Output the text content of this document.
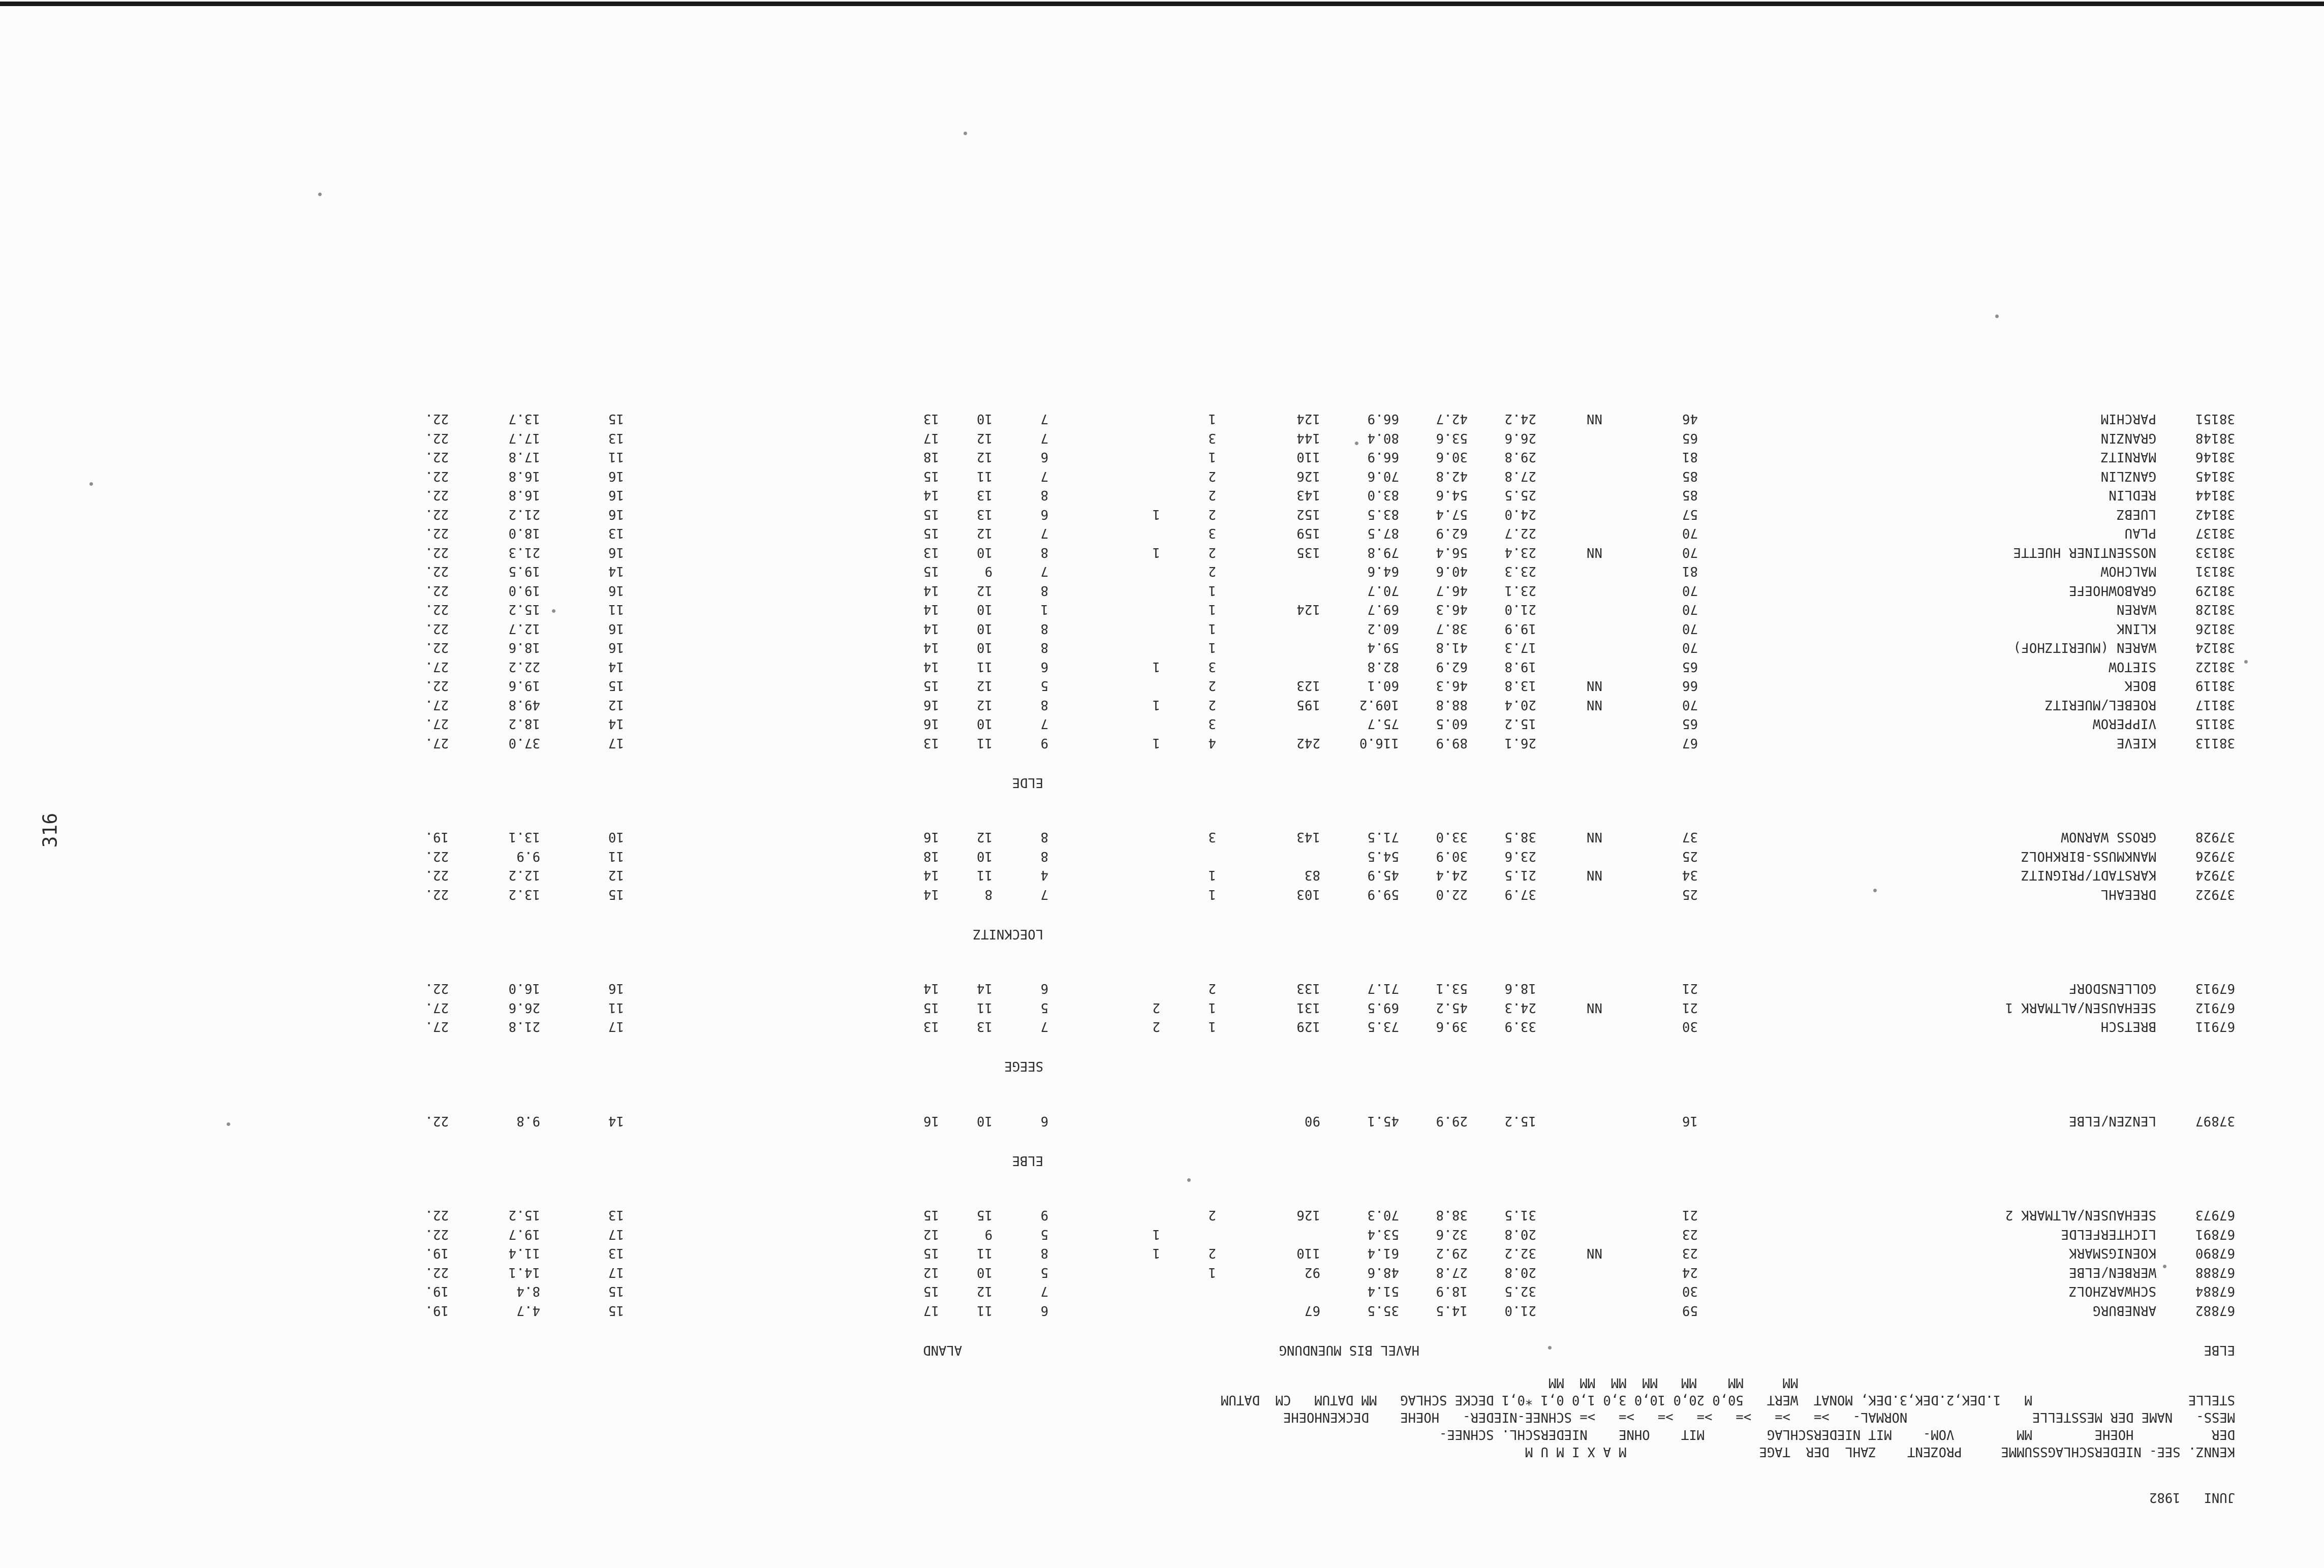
JUNI   1982
KENNZ. SEE- NIEDERSCHLAGSSUMME     PROZENT    ZAHL  DER  TAGE                 M A X I M U M
DER          HOEHE        MM        VOM-    MIT NIEDERSCHLAG        MIT    OHNE    NIEDERSCHL. SCHNEE-
MESS-   NAME DER MESSTELLE                NORMAL-   >=   >=   >=   >=   >=   >=   >= SCHNEE-NIEDER-   HOEHE    DECKENHOEHE
STELLE                    M   1.DEK,2.DEK,3.DEK, MONAT  WERT   50,0 20,0 10,0 3,0 1,0 0,1 *0,1 DECKE SCHLAG   MM DATUM   CM  DATUM
MM     MM    MM   MM  MM  MM  MM
ELBE
HAVEL BIS MUENDUNG
ALAND
67882
ARNEBURG
59
21.0
14.5
35.5
67
6
11
17
15
4.7
19.
67884
SCHWARZHOLZ
30
32.5
18.9
51.4
7
12
15
15
8.4
19.
67888
WERBEN/ELBE
24
20.8
27.8
48.6
92
1
5
10
12
17
14.1
22.
67890
KOENIGSMARK
23
NN
32.2
29.2
61.4
110
2
1
8
11
15
13
11.4
19.
67891
LICHTERFELDE
23
20.8
32.6
53.4
1
5
9
12
17
19.7
22.
67973
SEEHAUSEN/ALTMARK 2
21
31.5
38.8
70.3
126
2
9
15
15
13
15.2
22.
ELBE
37897
LENZEN/ELBE
16
15.2
29.9
45.1
90
6
10
16
14
9.8
22.
SEEGE
67911
BRETSCH
30
33.9
39.6
73.5
129
1
2
7
13
13
17
21.8
27.
67912
SEEHAUSEN/ALTMARK 1
21
NN
24.3
45.2
69.5
131
1
2
5
11
15
11
26.6
27.
67913
GOLLENSDORF
21
18.6
53.1
71.7
133
2
6
14
14
16
16.0
22.
LOECKNITZ
37922
DREEAHL
25
37.9
22.0
59.9
103
1
7
8
14
15
13.2
22.
37924
KARSTADT/PRIGNITZ
34
NN
21.5
24.4
45.9
83
1
4
11
14
12
12.2
22.
37926
MANKMUSS-BIRKHOLZ
25
23.6
30.9
54.5
8
10
18
11
9.9
22.
37928
GROSS WARNOW
37
NN
38.5
33.0
71.5
143
3
8
12
16
10
13.1
19.
ELDE
38113
KIEVE
67
26.1
89.9
116.0
242
4
1
9
11
13
17
37.0
27.
38115
VIPPEROW
65
15.2
60.5
75.7
3
7
10
16
14
18.2
27.
38117
ROEBEL/MUERITZ
70
NN
20.4
88.8
109.2
195
2
1
8
12
16
12
49.8
27.
38119
BOEK
66
NN
13.8
46.3
60.1
123
2
5
12
15
15
19.6
22.
38122
SIETOW
65
19.8
62.9
82.8
3
1
6
11
14
14
22.2
27.
38124
WAREN (MUERITZHOF)
70
17.3
41.8
59.4
1
8
10
14
16
18.6
22.
38126
KLINK
70
19.9
38.7
60.2
1
8
10
14
16
12.7
22.
38128
WAREN
70
21.0
46.3
69.7
124
1
1
10
14
11
15.2
22.
38129
GRABOWHOEFE
70
23.1
46.7
70.7
1
8
12
14
16
19.0
22.
38131
MALCHOW
81
23.3
40.6
64.6
2
7
9
15
14
19.5
22.
38133
NOSSENTINER HUETTE
70
NN
23.4
56.4
79.8
135
2
1
8
10
13
16
21.3
22.
38137
PLAU
70
22.7
62.9
87.5
159
3
7
12
15
13
18.0
22.
38142
LUEBZ
57
24.0
57.4
83.5
152
2
1
6
13
15
16
21.2
22.
38144
REDLIN
85
25.5
54.6
83.0
143
2
8
13
14
16
16.8
22.
38145
GANZLIN
85
27.8
42.8
70.6
126
2
7
11
15
16
16.8
22.
38146
MARNITZ
81
29.8
30.6
66.9
110
1
6
12
18
11
17.8
22.
38148
GRANZIN
65
26.6
53.6
80.4
144
3
7
12
17
13
17.7
22.
38151
PARCHIM
46
NN
24.2
42.7
66.9
124
1
7
10
13
15
13.7
22.
316
